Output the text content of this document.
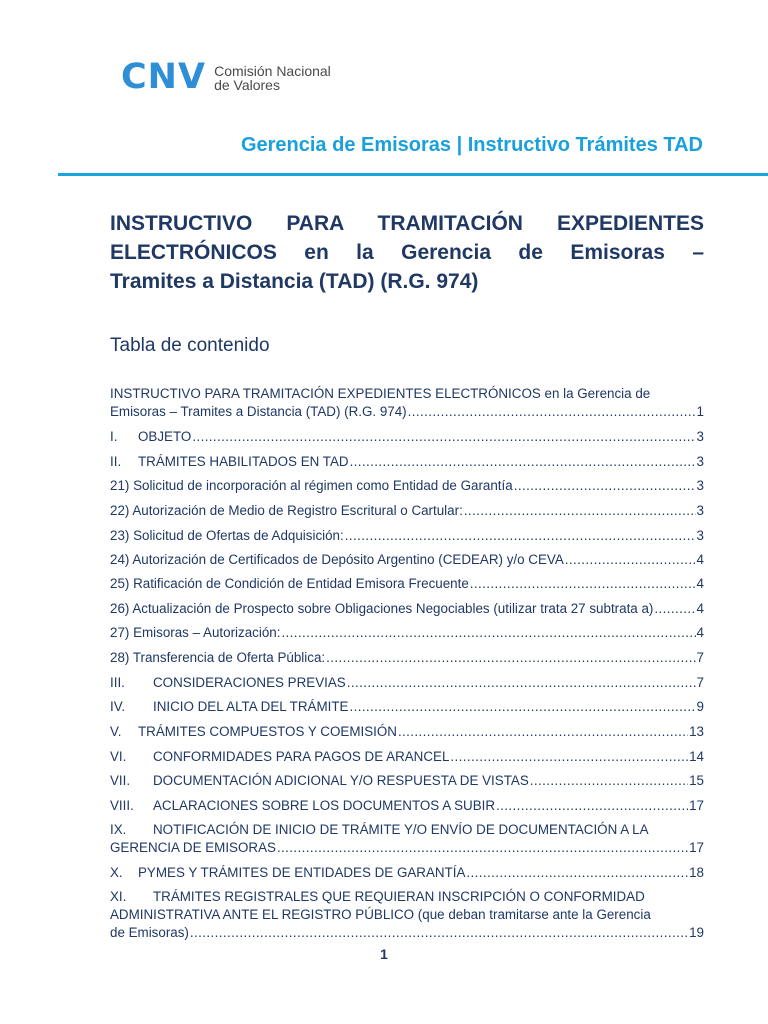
CNV Comisión Nacional
de Valores
Gerencia de Emisoras | Instructivo Trámites TAD
INSTRUCTIVO PARA TRAMITACIÓN EXPEDIENTES
ELECTRÓNICOS en la Gerencia de Emisoras –
Tramites a Distancia (TAD) (R.G. 974)
Tabla de contenido
INSTRUCTIVO PARA TRAMITACIÓN EXPEDIENTES ELECTRÓNICOS en la Gerencia de
Emisoras – Tramites a Distancia (TAD) (R.G. 974) .....	1
I. OBJETO .....	3
II. TRÁMITES HABILITADOS EN TAD .....	3
21) Solicitud de incorporación al régimen como Entidad de Garantía .....	3
22) Autorización de Medio de Registro Escritural o Cartular: .....	3
23) Solicitud de Ofertas de Adquisición: .....	3
24) Autorización de Certificados de Depósito Argentino (CEDEAR) y/o CEVA .....	4
25) Ratificación de Condición de Entidad Emisora Frecuente .....	4
26) Actualización de Prospecto sobre Obligaciones Negociables (utilizar trata 27 subtrata a) .....	4
27) Emisoras – Autorización: .....	4
28) Transferencia de Oferta Pública: .....	7
III. CONSIDERACIONES PREVIAS .....	7
IV. INICIO DEL ALTA DEL TRÁMITE .....	9
V. TRÁMITES COMPUESTOS Y COEMISIÓN .....	13
VI. CONFORMIDADES PARA PAGOS DE ARANCEL .....	14
VII. DOCUMENTACIÓN ADICIONAL Y/O RESPUESTA DE VISTAS .....	15
VIII. ACLARACIONES SOBRE LOS DOCUMENTOS A SUBIR .....	17
IX. NOTIFICACIÓN DE INICIO DE TRÁMITE Y/O ENVÍO DE DOCUMENTACIÓN A LA
GERENCIA DE EMISORAS .....	17
X. PYMES Y TRÁMITES DE ENTIDADES DE GARANTÍA .....	18
XI. TRÁMITES REGISTRALES QUE REQUIERAN INSCRIPCIÓN O CONFORMIDAD
ADMINISTRATIVA ANTE EL REGISTRO PÚBLICO (que deban tramitarse ante la Gerencia
de Emisoras) .....	19
1
